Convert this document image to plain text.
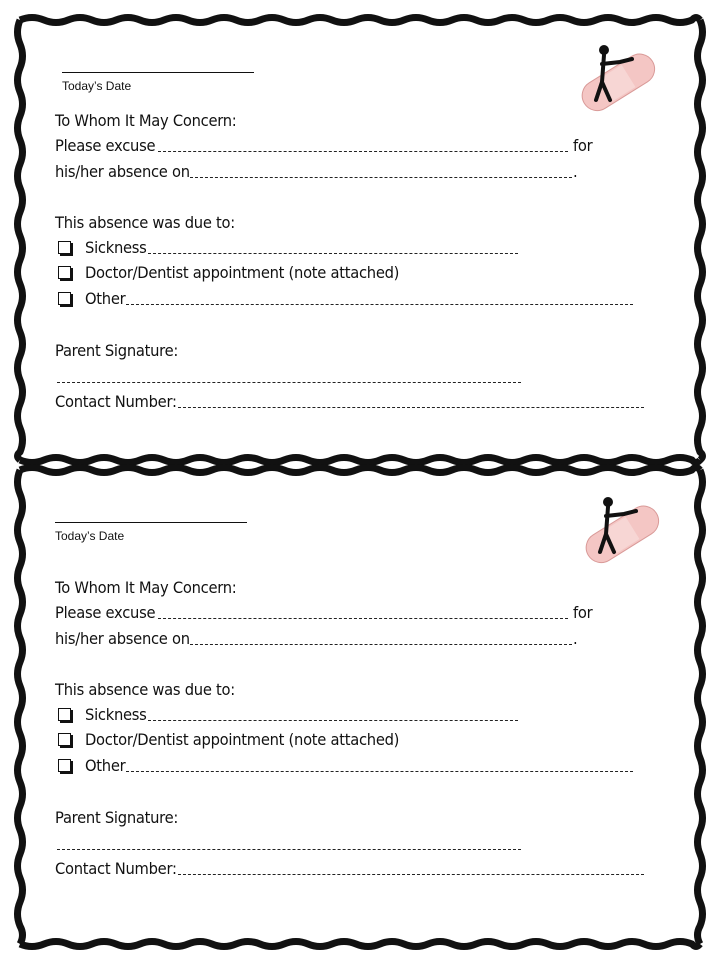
Today’s Date
To Whom It May Concern:
Please excuse	for
his/her absence on	.
This absence was due to:
Sickness
Doctor/Dentist appointment (note attached)
Other
Parent Signature:
Contact Number:
Today’s Date
To Whom It May Concern:
Please excuse	for
his/her absence on	.
This absence was due to:
Sickness
Doctor/Dentist appointment (note attached)
Other
Parent Signature:
Contact Number:
